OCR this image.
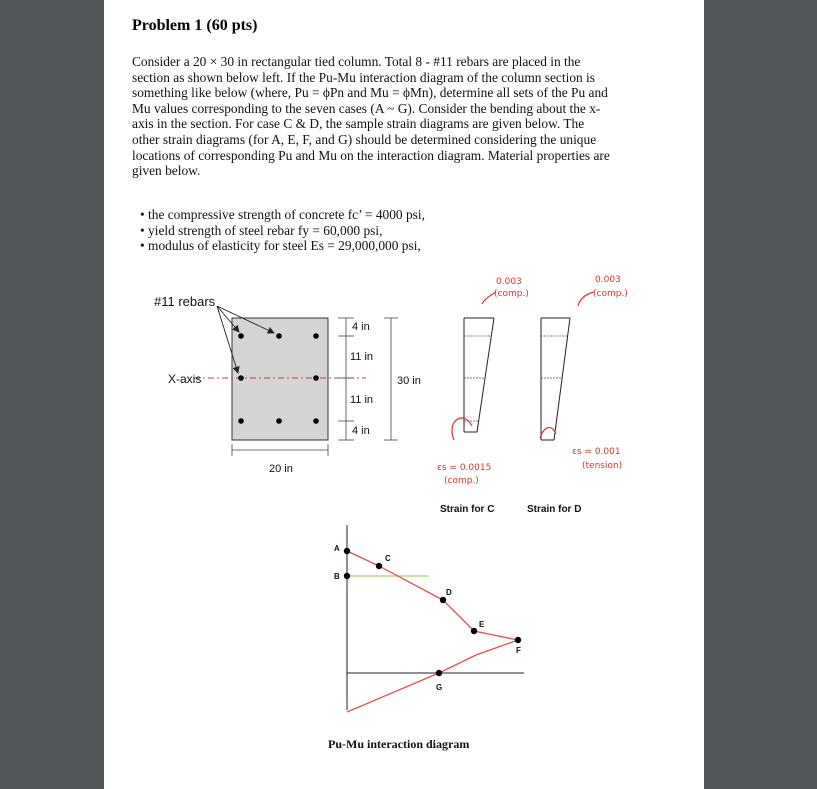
Problem 1 (60 pts)
Consider a 20 × 30 in rectangular tied column. Total 8 - #11 rebars are placed in the
section as shown below left. If the Pu-Mu interaction diagram of the column section is
something like below (where, Pu = ϕPn and Mu = ϕMn), determine all sets of the Pu and
Mu values corresponding to the seven cases (A ~ G). Consider the bending about the x-
axis in the section. For case C & D, the sample strain diagrams are given below. The
other strain diagrams (for A, E, F, and G) should be determined considering the unique
locations of corresponding Pu and Mu on the interaction diagram. Material properties are
given below.
• the compressive strength of concrete fc’ = 4000 psi,
• yield strength of steel rebar fy = 60,000 psi,
• modulus of elasticity for steel Es = 29,000,000 psi,
#11 rebars
X-axis
4 in
11 in
11 in
4 in
30 in
20 in
0.003
(comp.)
εs = 0.0015
(comp.)
Strain for C
0.003
(comp.)
εs = 0.001
(tension)
Strain for D
A
B
C
D
E
F
G
Pu-Mu interaction diagram
